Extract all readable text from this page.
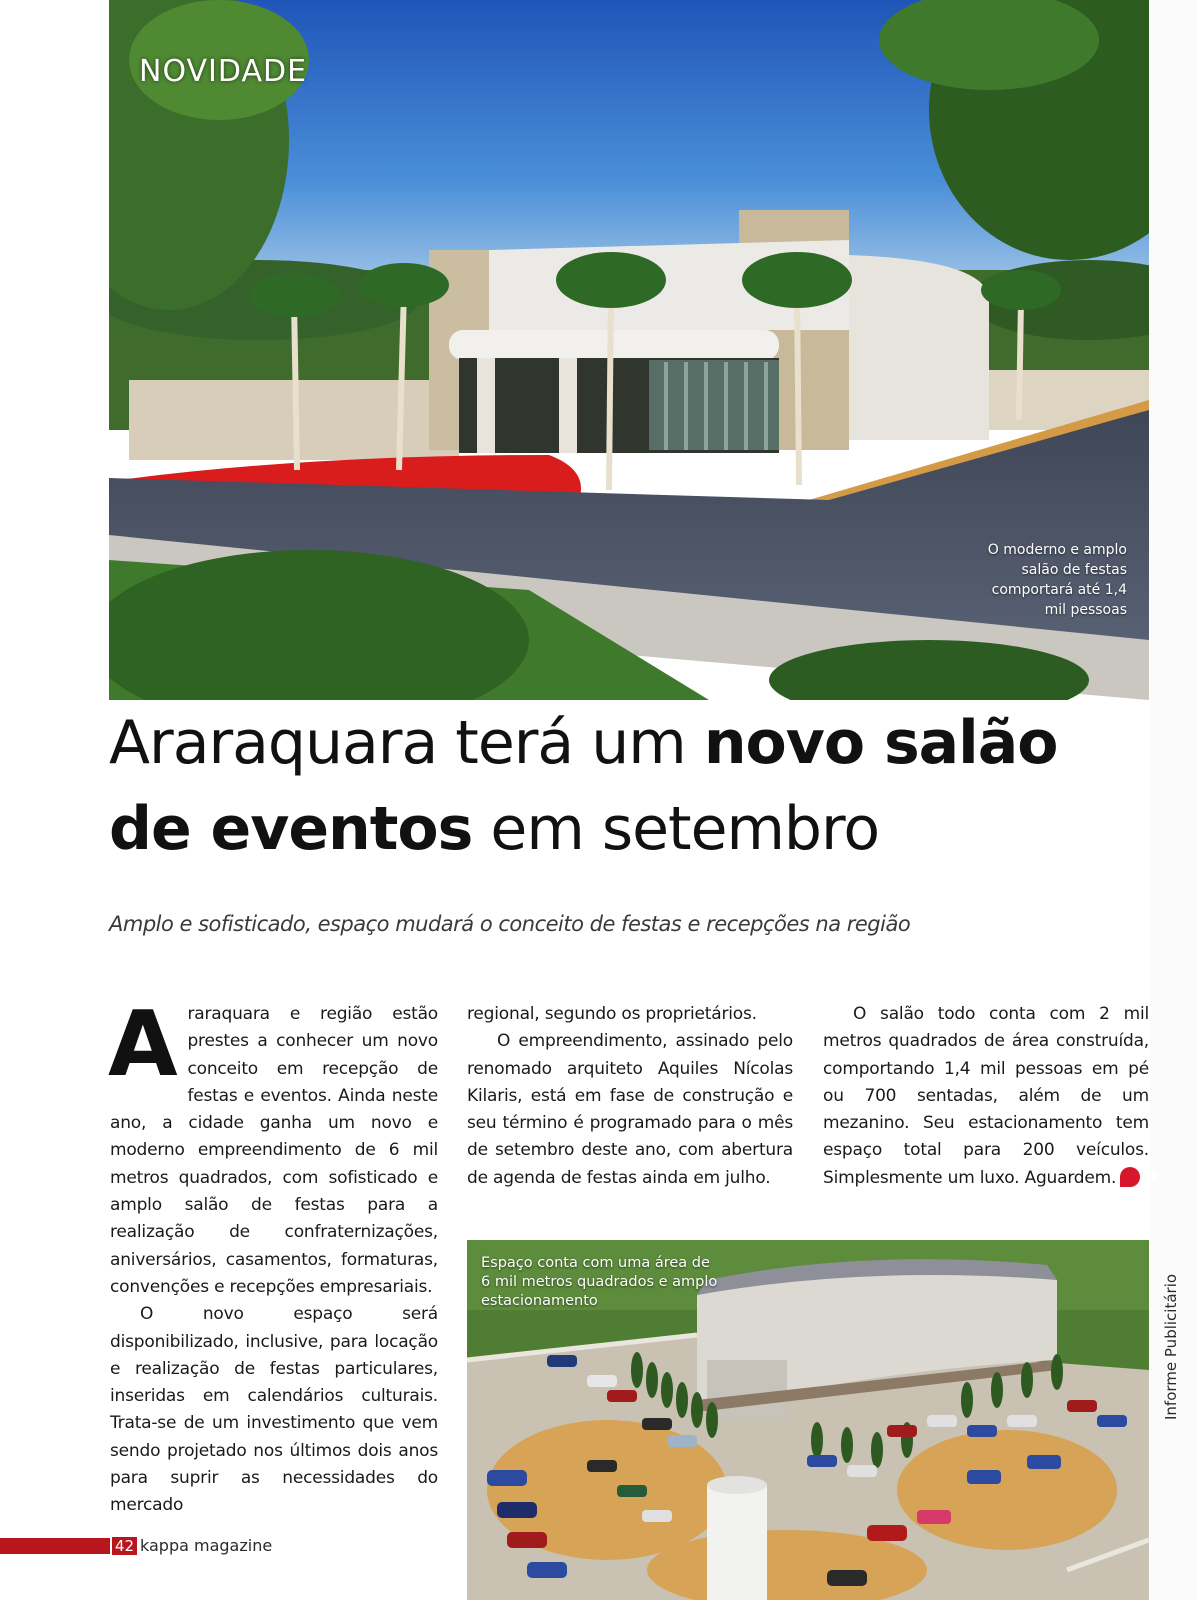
NOVIDADE
O moderno e amplo salão de festas comportará até 1,4 mil pessoas
Araraquara terá um novo salão
de eventos em setembro
Amplo e sofisticado, espaço mudará o conceito de festas e recepções na região

Araraquara e região estão prestes a conhecer um novo conceito em recepção de festas e eventos. Ainda neste ano, a cidade ganha um novo e moderno empreendimento de 6 mil metros quadrados, com sofisticado e amplo salão de festas para a realização de confraternizações, aniversários, casamentos, formaturas, convenções e recepções empresariais.

O novo espaço será disponibilizado, inclusive, para locação e realização de festas particulares, inseridas em calendários culturais. Trata-se de um investimento que vem sendo projetado nos últimos dois anos para suprir as necessidades do mercado

regional, segundo os proprietários.

O empreendimento, assinado pelo renomado arquiteto Aquiles Nícolas Kilaris, está em fase de construção e seu término é programado para o mês de setembro deste ano, com abertura de agenda de festas ainda em julho.

O salão todo conta com 2 mil metros quadrados de área construída, comportando 1,4 mil pessoas em pé ou 700 sentadas, além de um mezanino. Seu estacionamento tem espaço total para 200 veículos. Simplesmente um luxo. Aguardem. k

Espaço conta com uma área de 6 mil metros quadrados e amplo estacionamento	Informe Publicitário
42 kappa magazine
